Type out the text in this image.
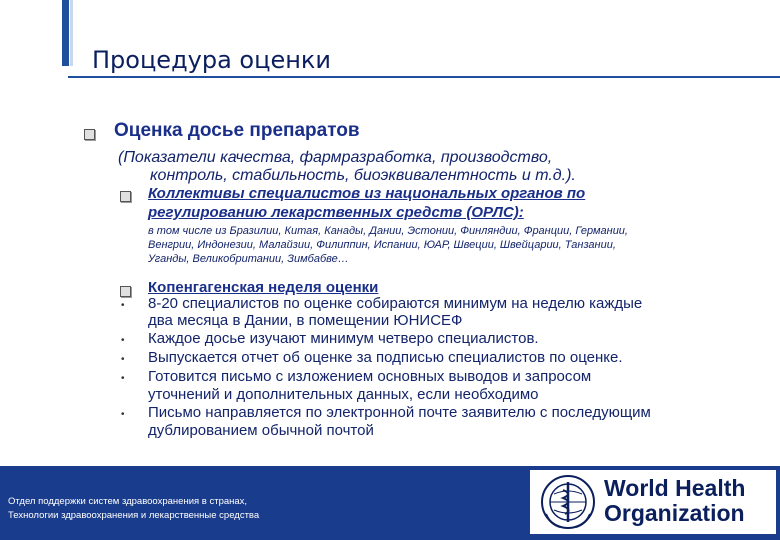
Процедура оценки
Оценка досье препаратов
(Показатели качества, фармразработка, производство,
контроль, стабильность, биоэквивалентность и т.д.).
Коллективы специалистов из национальных органов по
регулированию лекарственных средств (ОРЛС):
в том числе из Бразилии, Китая, Канады, Дании, Эстонии, Финляндии, Франции, Германии,
Венгрии, Индонезии, Малайзии, Филиппин, Испании, ЮАР, Швеции, Швейцарии, Танзании,
Уганды, Великобритании, Зимбабве…
Копенгагенская неделя оценки
• 8-20 специалистов по оценке собираются минимум на неделю каждые
два месяца в Дании, в помещении ЮНИСЕФ
• Каждое досье изучают минимум четверо специалистов.
• Выпускается отчет об оценке за подписью специалистов по оценке.
• Готовится письмо с изложением основных выводов и запросом
уточнений и дополнительных данных, если необходимо
• Письмо направляется по электронной почте заявителю с последующим
дублированием обычной почтой
Отдел поддержки систем здравоохранения в странах,
Технологии здравоохранения и лекарственные средства
World Health
Organization
